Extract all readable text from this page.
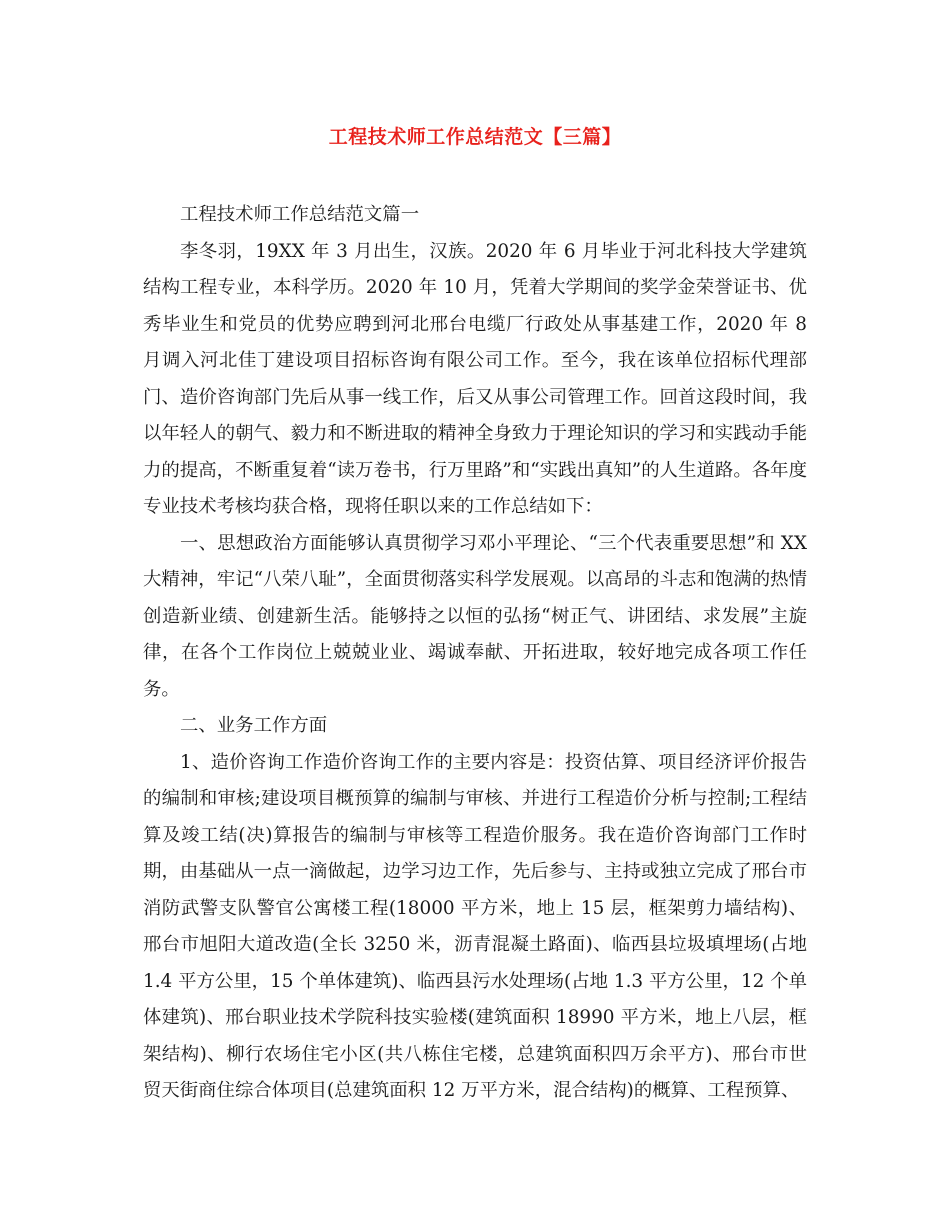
工程技术师工作总结范文【三篇】

工程技术师工作总结范文篇一

李冬羽，19XX 年 3 月出生，汉族。2020 年 6 月毕业于河北科技大学建筑结构工程专业，本科学历。2020 年 10 月，凭着大学期间的奖学金荣誉证书、优秀毕业生和党员的优势应聘到河北邢台电缆厂行政处从事基建工作，2020 年 8 月调入河北佳丁建设项目招标咨询有限公司工作。至今，我在该单位招标代理部门、造价咨询部门先后从事一线工作，后又从事公司管理工作。回首这段时间，我以年轻人的朝气、毅力和不断进取的精神全身致力于理论知识的学习和实践动手能力的提高，不断重复着“读万卷书，行万里路”和“实践出真知”的人生道路。各年度专业技术考核均获合格，现将任职以来的工作总结如下：

一、思想政治方面能够认真贯彻学习邓小平理论、“三个代表重要思想”和 XX 大精神，牢记“八荣八耻”，全面贯彻落实科学发展观。以高昂的斗志和饱满的热情创造新业绩、创建新生活。能够持之以恒的弘扬“树正气、讲团结、求发展”主旋律，在各个工作岗位上兢兢业业、竭诚奉献、开拓进取，较好地完成各项工作任务。

二、业务工作方面

1、造价咨询工作造价咨询工作的主要内容是：投资估算、项目经济评价报告的编制和审核;建设项目概预算的编制与审核、并进行工程造价分析与控制;工程结算及竣工结(决)算报告的编制与审核等工程造价服务。我在造价咨询部门工作时期，由基础从一点一滴做起，边学习边工作，先后参与、主持或独立完成了邢台市消防武警支队警官公寓楼工程(18000 平方米，地上 15 层，框架剪力墙结构)、邢台市旭阳大道改造(全长 3250 米，沥青混凝土路面)、临西县垃圾填埋场(占地 1.4 平方公里，15 个单体建筑)、临西县污水处理场(占地 1.3 平方公里，12 个单体建筑)、邢台职业技术学院科技实验楼(建筑面积 18990 平方米，地上八层，框架结构)、柳行农场住宅小区(共八栋住宅楼，总建筑面积四万余平方)、邢台市世贸天街商住综合体项目(总建筑面积 12 万平方米，混合结构)的概算、工程预算、
